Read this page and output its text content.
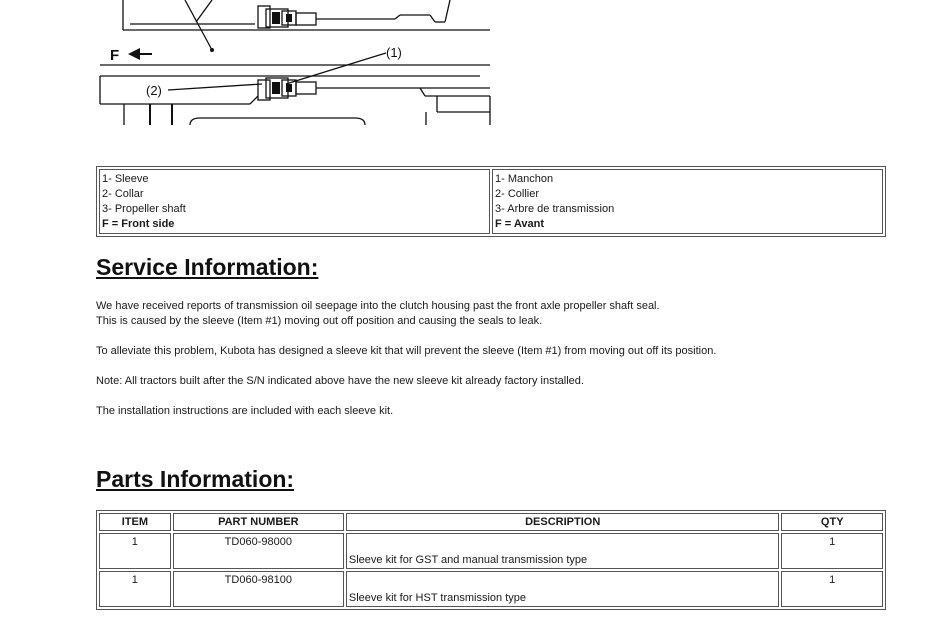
F	(1)
(2)
1- Sleeve
2- Collar
3- Propeller shaft
F = Front side

1- Manchon
2- Collier
3- Arbre de transmission
F = Avant
Service Information:

We have received reports of transmission oil seepage into the clutch housing past the front axle propeller shaft seal.

This is caused by the sleeve (Item #1) moving out off position and causing the seals to leak.

To alleviate this problem, Kubota has designed a sleeve kit that will prevent the sleeve (Item #1) from moving out off its position.

Note: All tractors built after the S/N indicated above have the new sleeve kit already factory installed.

The installation instructions are included with each sleeve kit.

Parts Information:
ITEM	PART NUMBER	DESCRIPTION	QTY
1	TD060-98000	Sleeve kit for GST and manual transmission type	1
1	TD060-98100	Sleeve kit for HST transmission type	1
